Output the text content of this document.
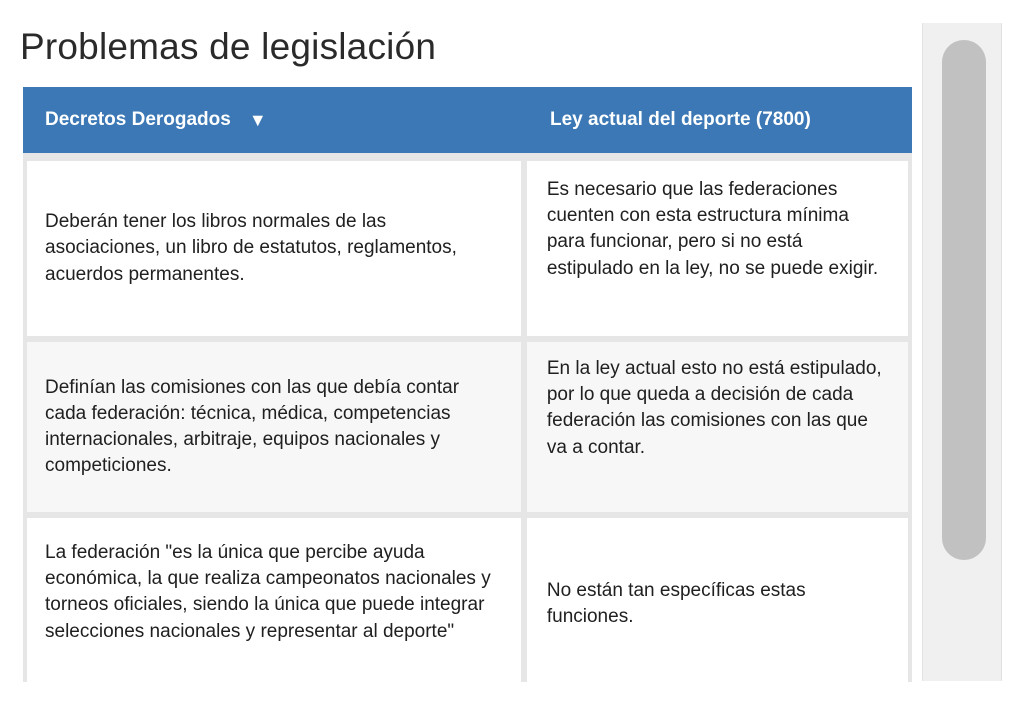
Problemas de legislación
Decretos Derogados ▼	Ley actual del deporte (7800)
Deberán tener los libros normales de las asociaciones, un libro de estatutos, reglamentos, acuerdos permanentes.
Es necesario que las federaciones cuenten con esta estructura mínima para funcionar, pero si no está estipulado en la ley, no se puede exigir.
Definían las comisiones con las que debía contar cada federación: técnica, médica, competencias internacionales, arbitraje, equipos nacionales y competiciones.
En la ley actual esto no está estipulado, por lo que queda a decisión de cada federación las comisiones con las que va a contar.
La federación "es la única que percibe ayuda económica, la que realiza campeonatos nacionales y torneos oficiales, siendo la única que puede integrar selecciones nacionales y representar al deporte"
No están tan específicas estas funciones.
